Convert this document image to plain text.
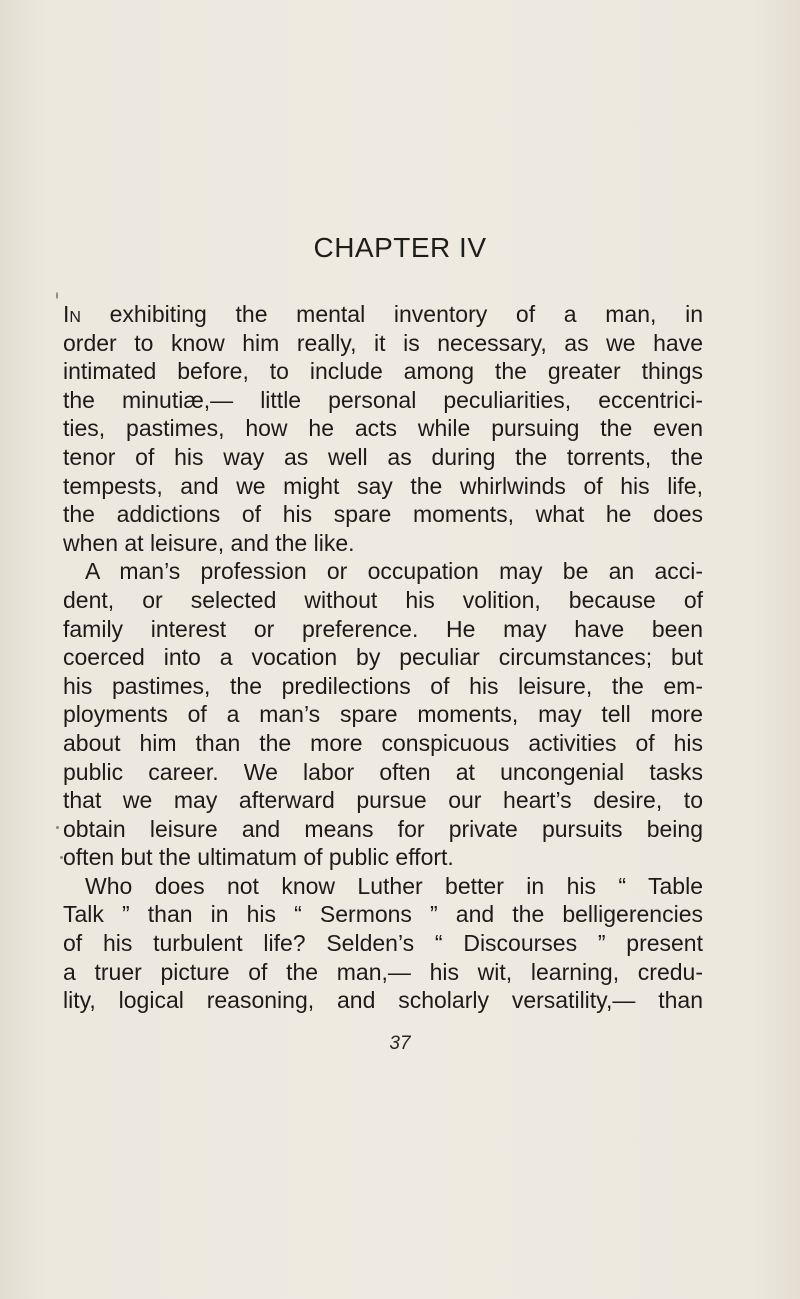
CHAPTER IV
In exhibiting the mental inventory of a man, in
order to know him really, it is necessary, as we have
intimated before, to include among the greater things
the minutiæ,— little personal peculiarities, eccentrici-
ties, pastimes, how he acts while pursuing the even
tenor of his way as well as during the torrents, the
tempests, and we might say the whirlwinds of his life,
the addictions of his spare moments, what he does
when at leisure, and the like.
A man’s profession or occupation may be an acci-
dent, or selected without his volition, because of
family interest or preference. He may have been
coerced into a vocation by peculiar circumstances; but
his pastimes, the predilections of his leisure, the em-
ployments of a man’s spare moments, may tell more
about him than the more conspicuous activities of his
public career. We labor often at uncongenial tasks
that we may afterward pursue our heart’s desire, to
obtain leisure and means for private pursuits being
often but the ultimatum of public effort.
Who does not know Luther better in his “ Table
Talk ” than in his “ Sermons ” and the belligerencies
of his turbulent life? Selden’s “ Discourses ” present
a truer picture of the man,— his wit, learning, credu-
lity, logical reasoning, and scholarly versatility,— than
37
